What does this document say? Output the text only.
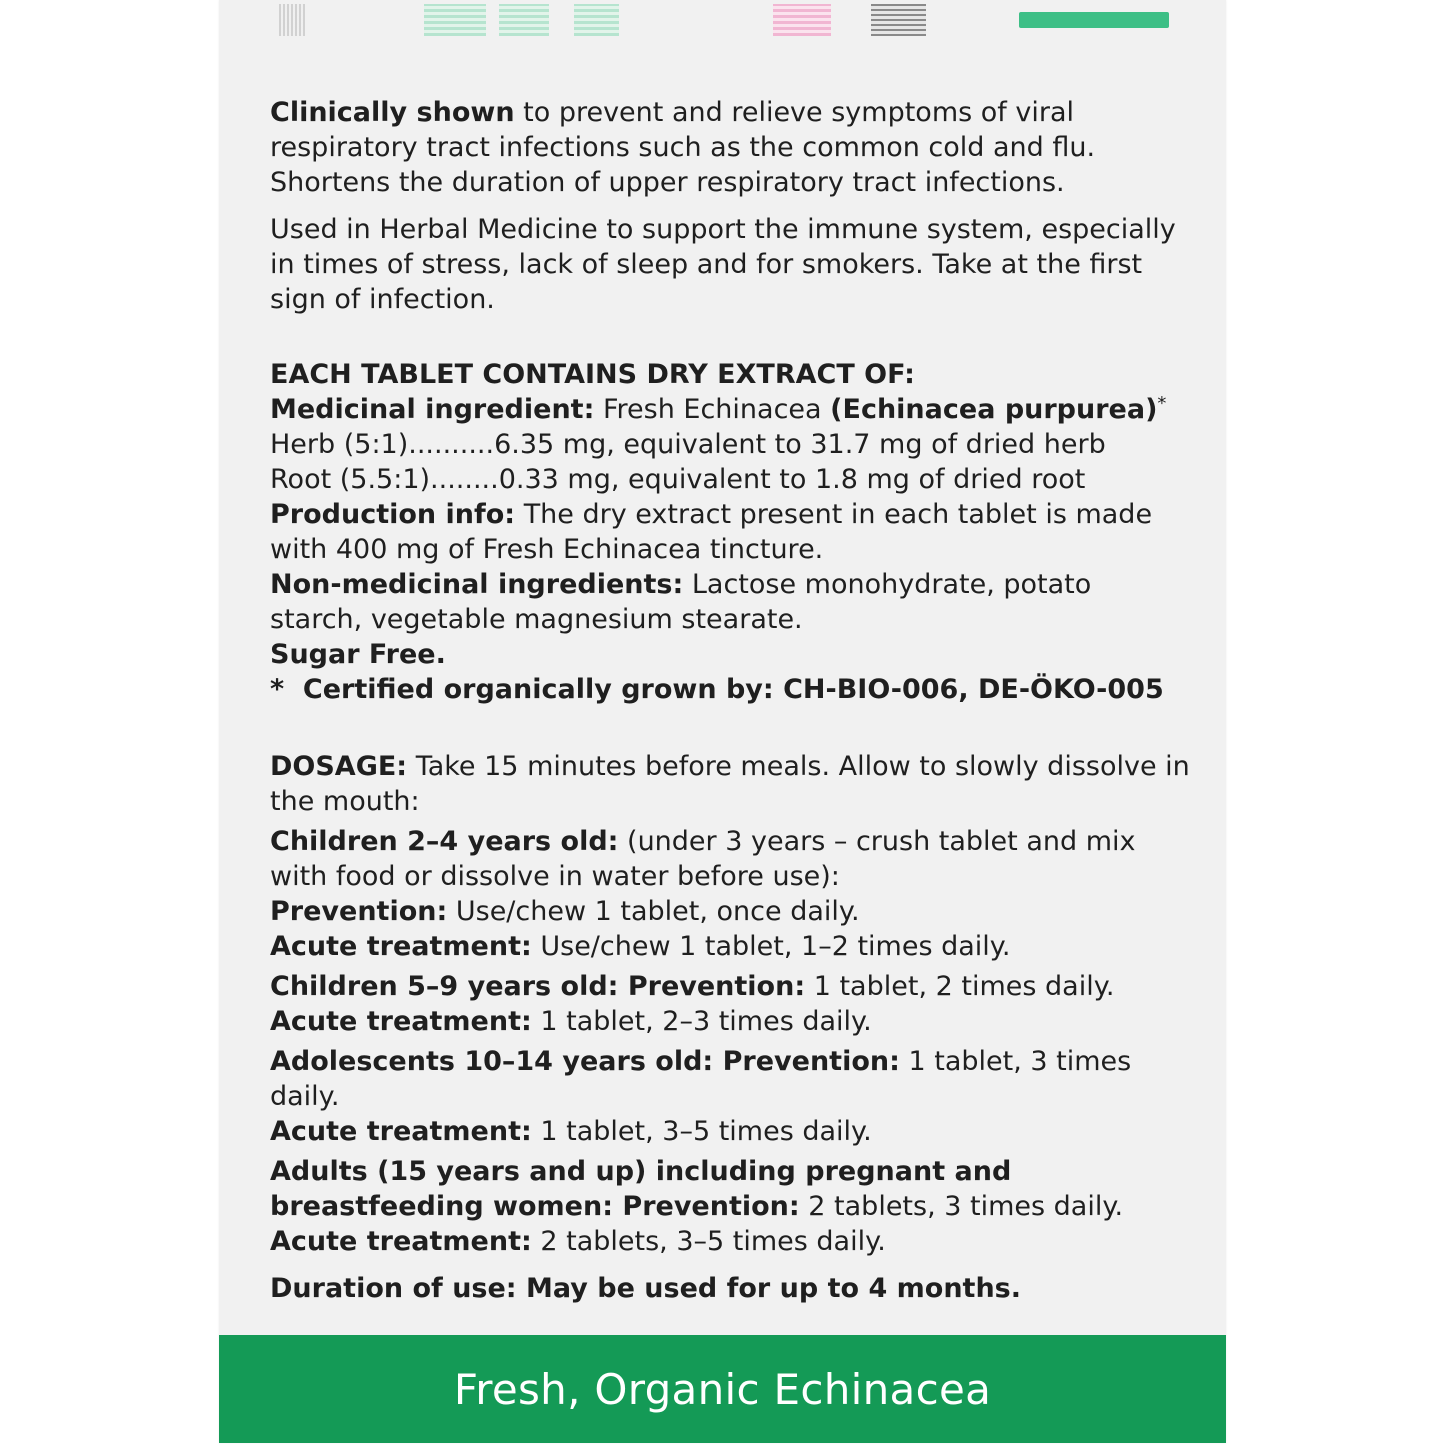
Clinically shown to prevent and relieve symptoms of viral respiratory tract infections such as the common cold and flu. Shortens the duration of upper respiratory tract infections.

Used in Herbal Medicine to support the immune system, especially in times of stress, lack of sleep and for smokers. Take at the first sign of infection.

EACH TABLET CONTAINS DRY EXTRACT OF:

Medicinal ingredient: Fresh Echinacea (Echinacea purpurea)*

Herb (5:1)..........6.35 mg, equivalent to 31.7 mg of dried herb

Root (5.5:1)........0.33 mg, equivalent to 1.8 mg of dried root

Production info: The dry extract present in each tablet is made with 400 mg of Fresh Echinacea tincture.

Non-medicinal ingredients: Lactose monohydrate, potato starch, vegetable magnesium stearate.

Sugar Free.

*  Certified organically grown by: CH-BIO-006, DE-ÖKO-005

DOSAGE: Take 15 minutes before meals. Allow to slowly dissolve in the mouth:

Children 2–4 years old: (under 3 years – crush tablet and mix with food or dissolve in water before use):

Prevention: Use/chew 1 tablet, once daily.

Acute treatment: Use/chew 1 tablet, 1–2 times daily.

Children 5–9 years old: Prevention: 1 tablet, 2 times daily.

Acute treatment: 1 tablet, 2–3 times daily.

Adolescents 10–14 years old: Prevention: 1 tablet, 3 times daily.

Acute treatment: 1 tablet, 3–5 times daily.

Adults (15 years and up) including pregnant and breastfeeding women: Prevention: 2 tablets, 3 times daily.

Acute treatment: 2 tablets, 3–5 times daily.

Duration of use: May be used for up to 4 months.

Fresh, Organic Echinacea
